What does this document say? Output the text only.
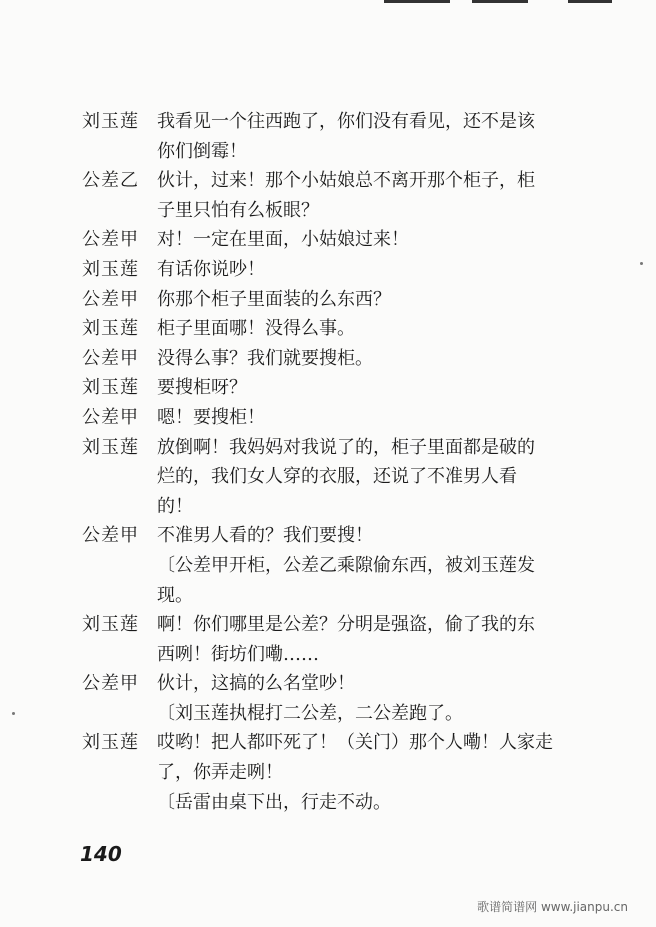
刘玉莲	我看见一个往西跑了，你们没有看见，还不是该

你们倒霉！

公差乙	伙计，过来！那个小姑娘总不离开那个柜子，柜

子里只怕有么板眼？

公差甲	对！一定在里面，小姑娘过来！

刘玉莲	有话你说吵！

公差甲	你那个柜子里面装的么东西？

刘玉莲	柜子里面哪！没得么事。

公差甲	没得么事？我们就要搜柜。

刘玉莲	要搜柜呀？

公差甲	嗯！要搜柜！

刘玉莲	放倒啊！我妈妈对我说了的，柜子里面都是破的

烂的，我们女人穿的衣服，还说了不准男人看

的！

公差甲	不准男人看的？我们要搜！

〔公差甲开柜，公差乙乘隙偷东西，被刘玉莲发

现。

刘玉莲	啊！你们哪里是公差？分明是强盗，偷了我的东

西咧！街坊们嘞……

公差甲	伙计，这搞的么名堂吵！

〔刘玉莲执棍打二公差，二公差跑了。

刘玉莲	哎哟！把人都吓死了！（关门）那个人嘞！人家走

了，你弄走咧！

〔岳雷由桌下出，行走不动。

140
歌谱简谱网 www.jianpu.cn
